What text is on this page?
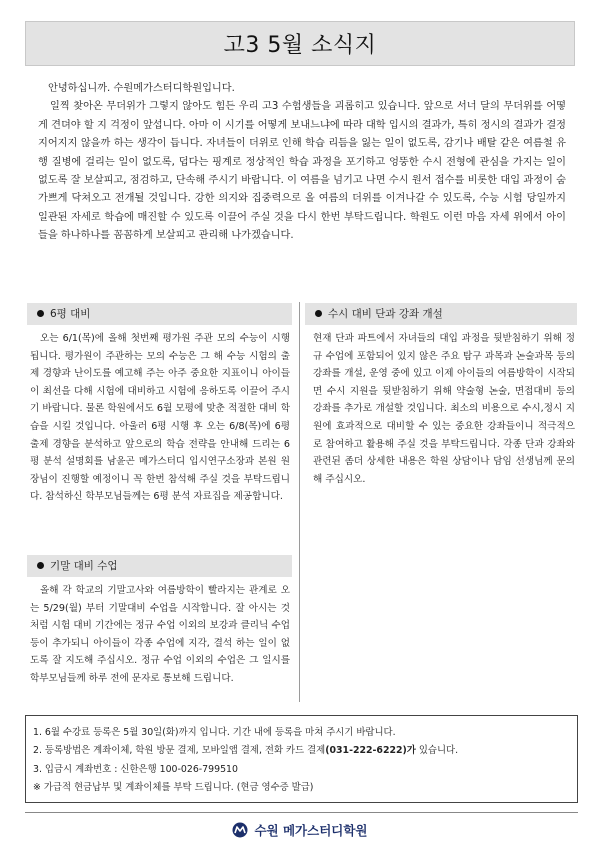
고3 5월 소식지

안녕하십니까. 수원메가스터디학원입니다.

일찍 찾아온 무더위가 그렇지 않아도 힘든 우리 고3 수험생들을 괴롭히고 있습니다. 앞으로 서너 달의 무더위를 어떻게 견뎌야 할 지 걱정이 앞섭니다. 아마 이 시기를 어떻게 보내느냐에 따라 대학 입시의 결과가, 특히 정시의 결과가 결정지어지지 않을까 하는 생각이 듭니다. 자녀들이 더위로 인해 학습 리듬을 잃는 일이 없도록, 감기나 배탈 같은 여름철 유행 질병에 걸리는 일이 없도록, 덥다는 핑계로 정상적인 학습 과정을 포기하고 엉뚱한 수시 전형에 관심을 가지는 일이 없도록 잘 보살피고, 점검하고, 단속해 주시기 바랍니다. 이 여름을 넘기고 나면 수시 원서 접수를 비롯한 대입 과정이 숨가쁘게 닥쳐오고 전개될 것입니다. 강한 의지와 집중력으로 올 여름의 더위를 이겨나갈 수 있도록, 수능 시험 당일까지 일관된 자세로 학습에 매진할 수 있도록 이끌어 주실 것을 다시 한번 부탁드립니다. 학원도 이런 마음 자세 위에서 아이들을 하나하나를 꼼꼼하게 보살피고 관리해 나가겠습니다.

6평 대비

오는 6/1(목)에 올해 첫번째 평가원 주관 모의 수능이 시행됩니다. 평가원이 주관하는 모의 수능은 그 해 수능 시험의 출제 경향과 난이도를 예고해 주는 아주 중요한 지표이니 아이들이 최선을 다해 시험에 대비하고 시험에 응하도록 이끌어 주시기 바랍니다. 물론 학원에서도 6월 모평에 맞춘 적절한 대비 학습을 시킬 것입니다. 아울러 6평 시행 후 오는 6/8(목)에 6평 출제 경향을 분석하고 앞으로의 학습 전략을 안내해 드리는 6평 분석 설명회를 남윤곤 메가스터디 입시연구소장과 본원 원장님이 진행할 예정이니 꼭 한번 참석해 주실 것을 부탁드립니다. 참석하신 학부모님들께는 6평 분석 자료집을 제공합니다.

기말 대비 수업

올해 각 학교의 기말고사와 여름방학이 빨라지는 관계로 오는 5/29(월) 부터 기말대비 수업을 시작합니다. 잘 아시는 것처럼 시험 대비 기간에는 정규 수업 이외의 보강과 클리닉 수업 등이 추가되니 아이들이 각종 수업에 지각, 결석 하는 일이 없도록 잘 지도해 주십시오. 정규 수업 이외의 수업은 그 일시를 학부모님들께 하루 전에 문자로 통보해 드립니다.

수시 대비 단과 강좌 개설

현재 단과 파트에서 자녀들의 대입 과정을 뒷받침하기 위해 정규 수업에 포함되어 있지 않은 주요 탐구 과목과 논술과목 등의 강좌를 개설, 운영 중에 있고 이제 아이들의 여름방학이 시작되면 수시 지원을 뒷받침하기 위해 약술형 논술, 면접대비 등의 강좌를 추가로 개설할 것입니다. 최소의 비용으로 수시,정시 지원에 효과적으로 대비할 수 있는 중요한 강좌들이니 적극적으로 참여하고 활용해 주실 것을 부탁드립니다. 각종 단과 강좌와 관련된 좀더 상세한 내용은 학원 상담이나 담임 선생님께 문의해 주십시오.

1. 6월 수강료 등록은 5월 30일(화)까지 입니다. 기간 내에 등록을 마쳐 주시기 바랍니다.
2. 등록방법은 계좌이체, 학원 방문 결제, 모바일앱 결제, 전화 카드 결제(031-222-6222)가 있습니다.
3. 입금시 계좌번호 : 신한은행 100-026-799510
※ 가급적 현금납부 및 계좌이체를 부탁 드립니다. (현금 영수증 발급)
수원 메가스터디학원
